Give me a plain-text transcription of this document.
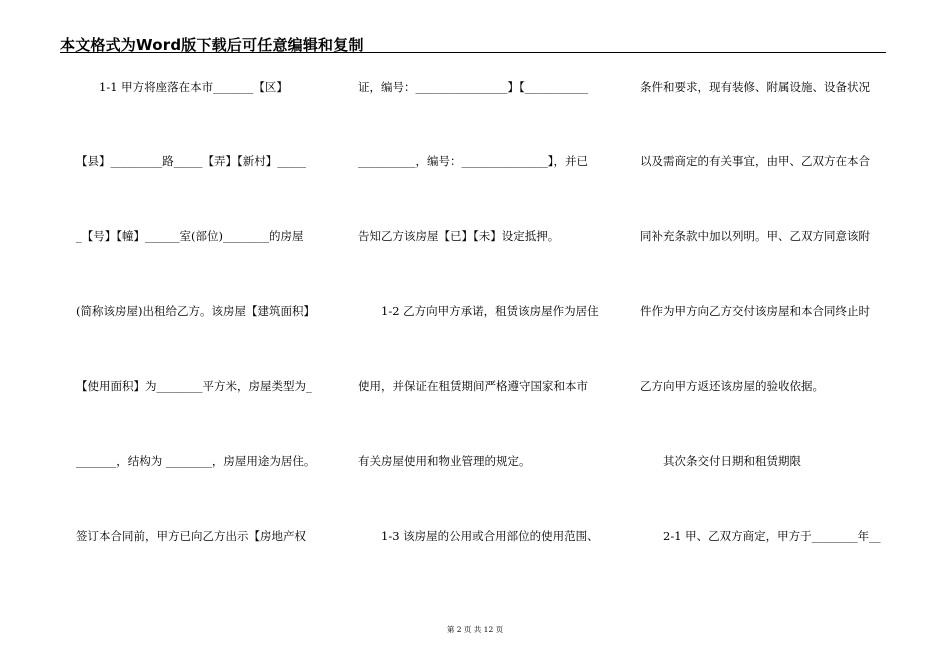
本文格式为Word版下载后可任意编辑和复制
　　1-1 甲方将座落在本市_______【区】
【县】_________路_____【弄】【新村】_____
_【号】【幢】______室(部位)________的房屋
(简称该房屋)出租给乙方。该房屋【建筑面积】
【使用面积】为________平方米，房屋类型为_
_______，结构为 ________，房屋用途为居住。
签订本合同前，甲方已向乙方出示【房地产权
证，编号：________________】【___________
__________，编号：_______________】，并已
告知乙方该房屋【已】【未】设定抵押。
　　1-2 乙方向甲方承诺，租赁该房屋作为居住
使用，并保证在租赁期间严格遵守国家和本市
有关房屋使用和物业管理的规定。
　　1-3 该房屋的公用或合用部位的使用范围、
条件和要求，现有装修、附属设施、设备状况
以及需商定的有关事宜，由甲、乙双方在本合
同补充条款中加以列明。甲、乙双方同意该附
件作为甲方向乙方交付该房屋和本合同终止时
乙方向甲方返还该房屋的验收依据。
　　其次条交付日期和租赁期限
　　2-1 甲、乙双方商定，甲方于________年__
第 2 页 共 12 页
